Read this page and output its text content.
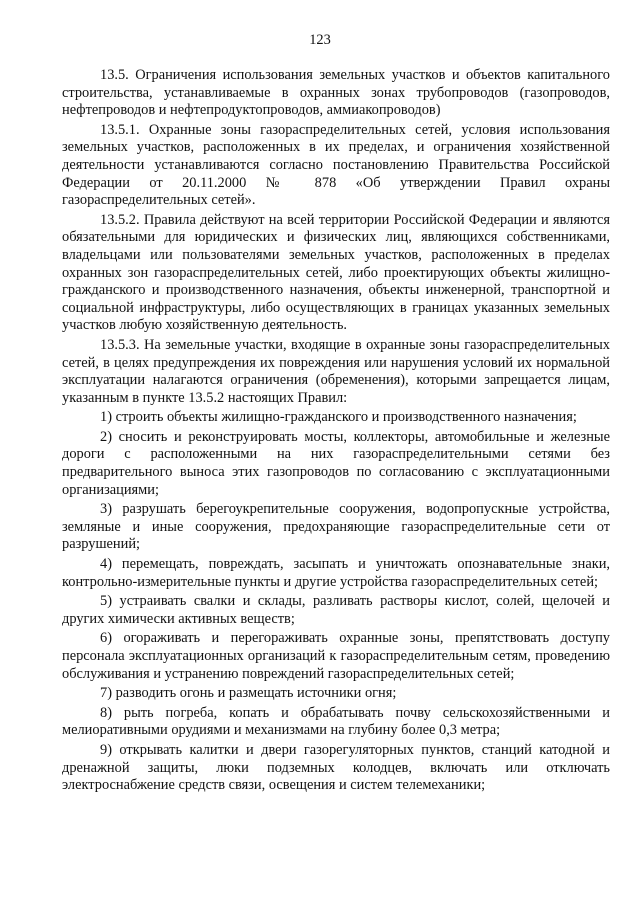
123

13.5. Ограничения использования земельных участков и объектов капитального строительства, устанавливаемые в охранных зонах трубопроводов (газопроводов, нефтепроводов и нефтепродуктопроводов, аммиакопроводов)

13.5.1. Охранные зоны газораспределительных сетей, условия использования земельных участков, расположенных в их пределах, и ограничения хозяйственной деятельности устанавливаются согласно постановлению Правительства Российской Федерации от 20.11.2000 № 878 «Об утверждении Правил охраны газораспределительных сетей».

13.5.2. Правила действуют на всей территории Российской Федерации и являются обязательными для юридических и физических лиц, являющихся собственниками, владельцами или пользователями земельных участков, расположенных в пределах охранных зон газораспределительных сетей, либо проектирующих объекты жилищно-гражданского и производственного назначения, объекты инженерной, транспортной и социальной инфраструктуры, либо осуществляющих в границах указанных земельных участков любую хозяйственную деятельность.

13.5.3. На земельные участки, входящие в охранные зоны газораспределительных сетей, в целях предупреждения их повреждения или нарушения условий их нормальной эксплуатации налагаются ограничения (обременения), которыми запрещается лицам, указанным в пункте 13.5.2 настоящих Правил:

1) строить объекты жилищно-гражданского и производственного назначения;

2) сносить и реконструировать мосты, коллекторы, автомобильные и железные дороги с расположенными на них газораспределительными сетями без предварительного выноса этих газопроводов по согласованию с эксплуатационными организациями;

3) разрушать берегоукрепительные сооружения, водопропускные устройства, земляные и иные сооружения, предохраняющие газораспределительные сети от разрушений;

4) перемещать, повреждать, засыпать и уничтожать опознавательные знаки, контрольно-измерительные пункты и другие устройства газораспределительных сетей;

5) устраивать свалки и склады, разливать растворы кислот, солей, щелочей и других химически активных веществ;

6) огораживать и перегораживать охранные зоны, препятствовать доступу персонала эксплуатационных организаций к газораспределительным сетям, проведению обслуживания и устранению повреждений газораспределительных сетей;

7) разводить огонь и размещать источники огня;

8) рыть погреба, копать и обрабатывать почву сельскохозяйственными и мелиоративными орудиями и механизмами на глубину более 0,3 метра;

9) открывать калитки и двери газорегуляторных пунктов, станций катодной и дренажной защиты, люки подземных колодцев, включать или отключать электроснабжение средств связи, освещения и систем телемеханики;
